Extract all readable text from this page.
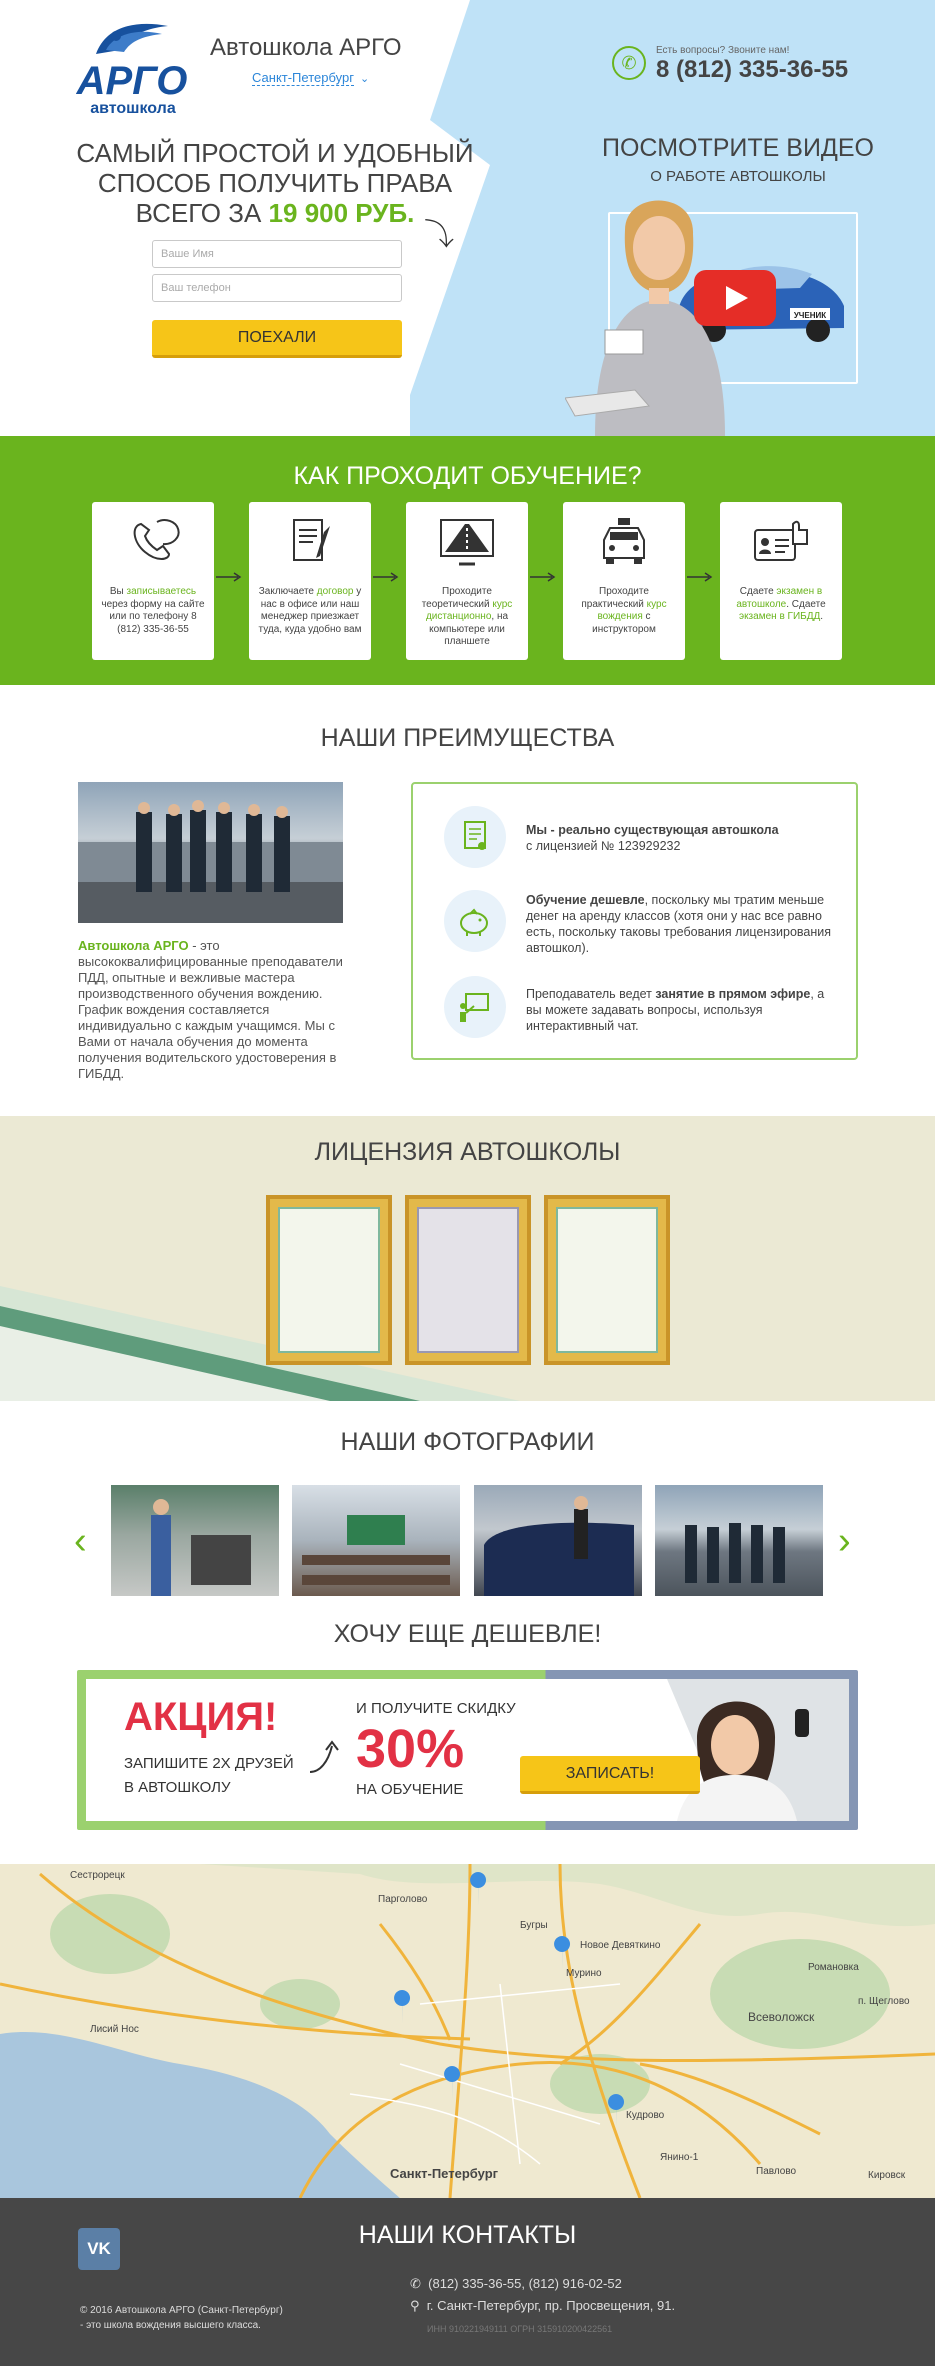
АРГО
автошкола
Автошкола АРГО
Санкт-Петербург ⌄
✆
Есть вопросы? Звоните нам!
8 (812) 335-36-55
САМЫЙ ПРОСТОЙ И УДОБНЫЙ
СПОСОБ ПОЛУЧИТЬ ПРАВА
ВСЕГО ЗА 19 900 РУБ.
⤵
Ваше Имя
Ваш телефон
ПОЕХАЛИ
ПОСМОТРИТЕ ВИДЕО
О РАБОТЕ АВТОШКОЛЫ
УЧЕНИК
КАК ПРОХОДИТ ОБУЧЕНИЕ?
Вы записываетесь через форму на сайте или по телефону 8 (812) 335-36-55
Заключаете договор у нас в офисе или наш менеджер приезжает туда, куда удобно вам
Проходите теоретический курс дистанционно, на компьютере или планшете
Проходите практический курс вождения с инструктором
Сдаете экзамен в автошколе. Сдаете экзамен в ГИБДД.
НАШИ ПРЕИМУЩЕСТВА
Автошкола АРГО - это высококвалифицированные преподаватели ПДД, опытные и вежливые мастера производственного обучения вождению. График вождения составляется индивидуально с каждым учащимся. Мы с Вами от начала обучения до момента получения водительского удостоверения в ГИБДД.
Мы - реально существующая автошкола
с лицензией № 123929232
Обучение дешевле, поскольку мы тратим меньше денег на аренду классов (хотя они у нас все равно есть, поскольку таковы требования лицензирования автошкол).
Преподаватель ведет занятие в прямом эфире, а вы можете задавать вопросы, используя интерактивный чат.
ЛИЦЕНЗИЯ АВТОШКОЛЫ
НАШИ ФОТОГРАФИИ
‹	›
ХОЧУ ЕЩЕ ДЕШЕВЛЕ!
АКЦИЯ!
ЗАПИШИТЕ 2Х ДРУЗЕЙ
В АВТОШКОЛУ
И ПОЛУЧИТЕ СКИДКУ
30%
НА ОБУЧЕНИЕ
ЗАПИСАТЬ!
Сестрорецк
Парголово
Бугры
Новое Девяткино
Мурино
Всеволожск
Романовка
Лисий Нос
Санкт-Петербург
Кудрово
Янино-1
Павлово
п. Щеглово
Кировск
VK
© 2016 Автошкола АРГО (Санкт-Петербург)
- это школа вождения высшего класса.
НАШИ КОНТАКТЫ
✆ (812) 335-36-55, (812) 916-02-52
⚲ г. Санкт-Петербург, пр. Просвещения, 91.
ИНН 910221949111 ОГРН 315910200422561
